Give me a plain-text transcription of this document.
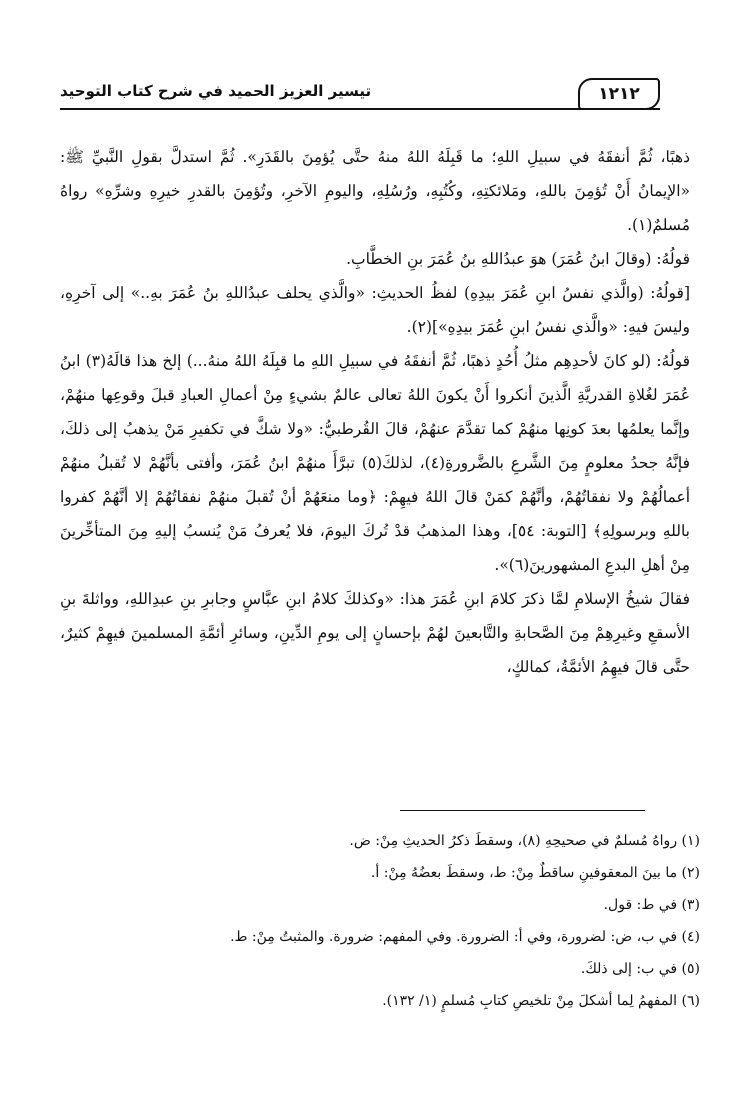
تيسير العزيز الحميد في شرح كتاب التوحيد	١٢١٢

ذهبًا، ثُمَّ أنفقَهُ في سبيلِ اللهِ؛ ما قَبِلَهُ اللهُ منهُ حتَّى يُؤمِنَ بالقَدَرِ». ثُمَّ استدلَّ بقولِ النَّبيِّ ﷺ: «الإيمانُ أَنْ تُؤمِنَ باللهِ، ومَلائكتِهِ، وكُتُبِهِ، ورُسُلِهِ، واليومِ الآخرِ، وتُؤمِنَ بالقدرِ خيرِهِ وشرِّهِ» رواهُ مُسلمٌ(١).

قولُهُ: (وقالَ ابنُ عُمَرَ) هوَ عبدُاللهِ بنُ عُمَرَ بنِ الخطَّابِ.

[قولُهُ: (والَّذي نفسُ ابنِ عُمَرَ بيدِهِ) لفظُ الحديثِ: «والَّذي يحلف عبدُاللهِ بنُ عُمَرَ بهِ..» إلى آخرِهِ، وليسَ فيهِ: «والَّذي نفسُ ابنِ عُمَرَ بيدِهِ»](٢).

قولُهُ: (لو كانَ لأحدِهِم مثلُ أُحُدٍ ذهبًا، ثُمَّ أنفقَهُ في سبيلِ اللهِ ما قبِلَهُ اللهُ منهُ...) إلخ هذا قالَهُ(٣) ابنُ عُمَرَ لغُلاةِ القدريَّةِ الَّذينَ أنكروا أَنْ يكونَ اللهُ تعالى عالمٌ بشيءٍ مِنْ أعمالِ العبادِ قبلَ وقوعِها منهُمْ، وإنَّما يعلمُها بعدَ كونِها منهُمْ كما تقدَّمَ عنهُمْ، قالَ القُرطبيُّ: «ولا شكَّ في تكفيرِ مَنْ يذهبُ إلى ذلكَ، فإنَّهُ جحدُ معلومٍ مِنَ الشَّرعِ بالضَّرورةِ(٤)، لذلكَ(٥) تبرَّأَ منهُمْ ابنُ عُمَرَ، وأفتى بأنَّهُمْ لا تُقبلُ منهُمْ أعمالُهُمْ ولا نفقاتُهُمْ، وأنَّهُمْ كمَنْ قالَ اللهُ فيهِمْ: ﴿وما منعَهُمْ أنْ تُقبلَ منهُمْ نفقاتُهُمْ إلا أنَّهُمْ كفروا باللهِ وبرسولِهِ﴾ [التوبة: ٥٤]، وهذا المذهبُ قدْ تُركَ اليومَ، فلا يُعرفُ مَنْ يُنسبُ إليهِ مِنَ المتأخِّرينَ مِنْ أهلِ البدعِ المشهورينَ(٦)».

فقالَ شيخُ الإسلامِ لمَّا ذكرَ كلامَ ابنِ عُمَرَ هذا: «وكذلكَ كلامُ ابنِ عبَّاسٍ وجابرِ بنِ عبدِاللهِ، وواثلةَ بنِ الأسقعِ وغيرِهِمْ مِنَ الصَّحابةِ والتَّابعينَ لهُمْ بإحسانٍ إلى يومِ الدِّينِ، وسائرِ أئمَّةِ المسلمينَ فيهِمْ كثيرٌ، حتَّى قالَ فيهِمُ الأئمَّةُ، كمالكٍ،

(١) رواهُ مُسلمٌ في صحيحِهِ (٨)، وسقطَ ذكرُ الحديثِ مِنْ: ض.

(٢) ما بينَ المعقوفينِ ساقطٌ مِنْ: ط، وسقطَ بعضُهُ مِنْ: أ.

(٣) في ط: قول.

(٤) في ب، ض: لضرورة، وفي أ: الضرورة. وفي المفهم: ضرورة. والمثبتُ مِنْ: ط.

(٥) في ب: إلى ذلكَ.

(٦) المفهمُ لِما أشكلَ مِنْ تلخيصِ كتابِ مُسلمٍ (١/ ١٣٢).
